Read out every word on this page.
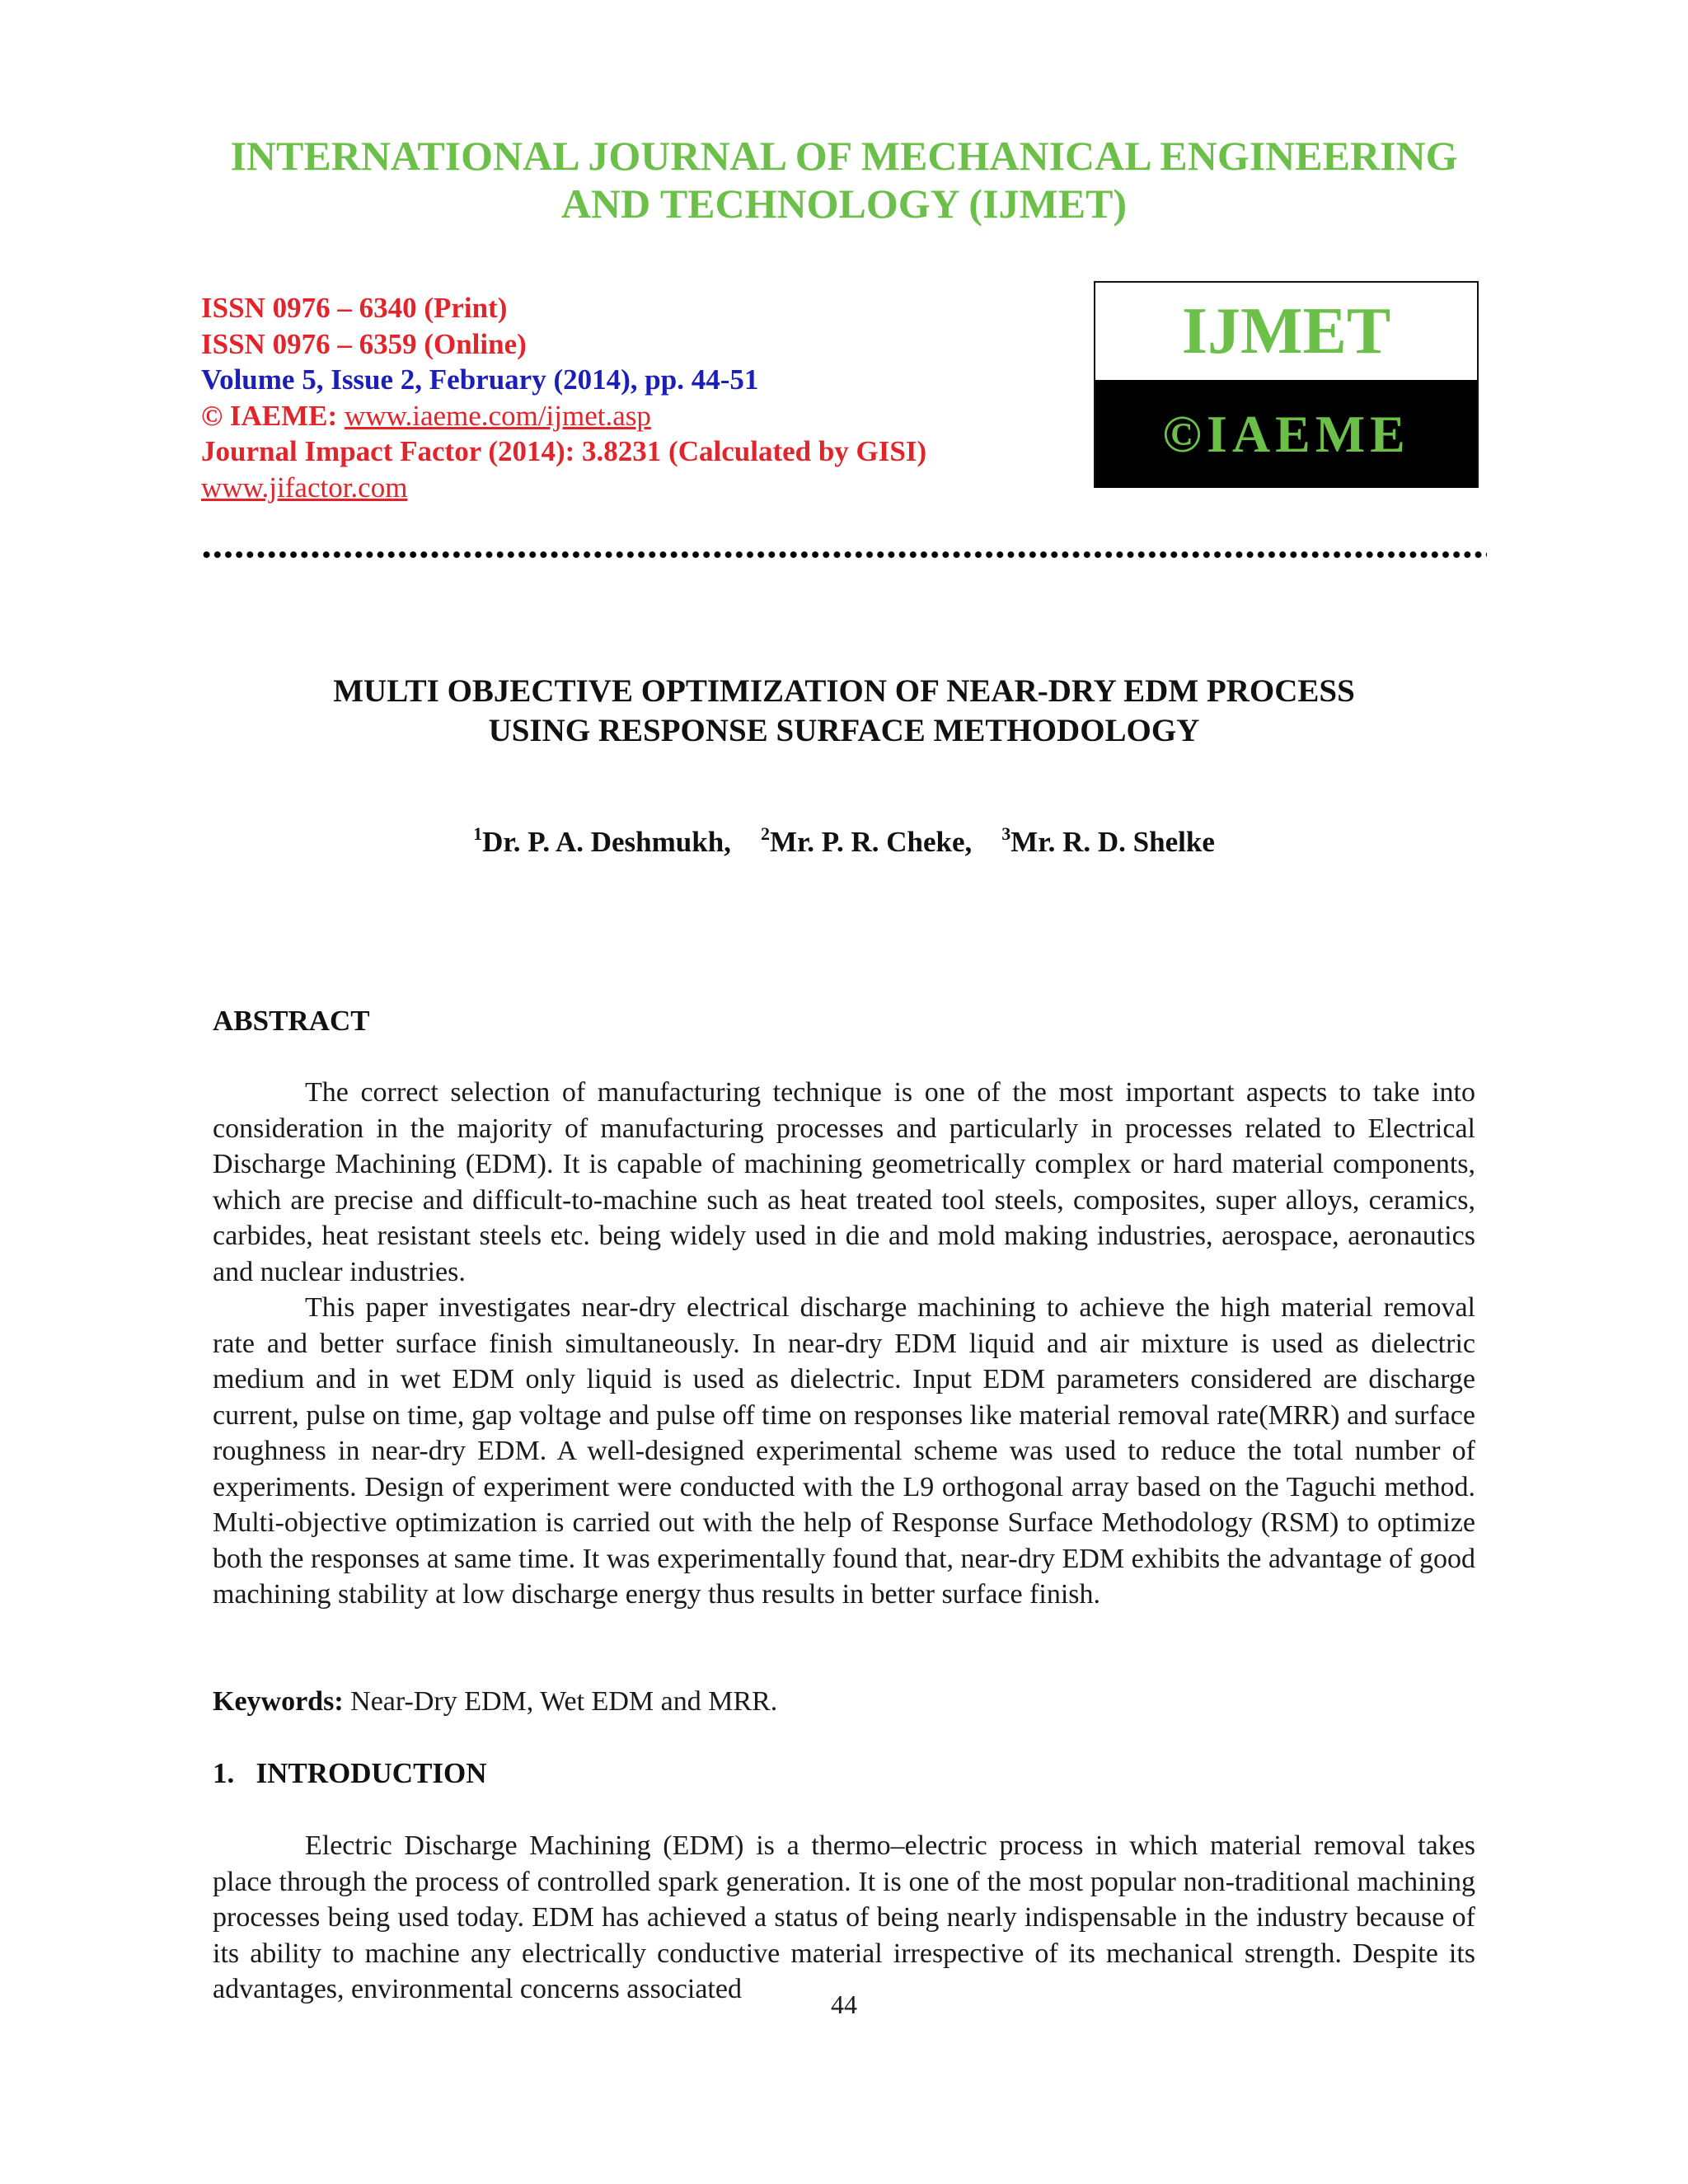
INTERNATIONAL JOURNAL OF MECHANICAL ENGINEERING
AND TECHNOLOGY (IJMET)
ISSN 0976 – 6340 (Print)
ISSN 0976 – 6359 (Online)
Volume 5, Issue 2, February (2014), pp. 44-51
© IAEME: www.iaeme.com/ijmet.asp
Journal Impact Factor (2014): 3.8231 (Calculated by GISI)
www.jifactor.com
IJMET
©IAEME
MULTI OBJECTIVE OPTIMIZATION OF NEAR-DRY EDM PROCESS
USING RESPONSE SURFACE METHODOLOGY
$^1$Dr. P. A. Deshmukh, $^2$Mr. P. R. Cheke, $^3$Mr. R. D. Shelke
ABSTRACT

The correct selection of manufacturing technique is one of the most important aspects to take into consideration in the majority of manufacturing processes and particularly in processes related to Electrical Discharge Machining (EDM). It is capable of machining geometrically complex or hard material components, which are precise and difficult-to-machine such as heat treated tool steels, composites, super alloys, ceramics, carbides, heat resistant steels etc. being widely used in die and mold making industries, aerospace, aeronautics and nuclear industries.

This paper investigates near-dry electrical discharge machining to achieve the high material removal rate and better surface finish simultaneously. In near-dry EDM liquid and air mixture is used as dielectric medium and in wet EDM only liquid is used as dielectric. Input EDM parameters considered are discharge current, pulse on time, gap voltage and pulse off time on responses like material removal rate(MRR) and surface roughness in near-dry EDM. A well-designed experimental scheme was used to reduce the total number of experiments. Design of experiment were conducted with the L9 orthogonal array based on the Taguchi method. Multi-objective optimization is carried out with the help of Response Surface Methodology (RSM) to optimize both the responses at same time. It was experimentally found that, near-dry EDM exhibits the advantage of good machining stability at low discharge energy thus results in better surface finish.

Keywords: Near-Dry EDM, Wet EDM and MRR.
1.   INTRODUCTION

Electric Discharge Machining (EDM) is a thermo–electric process in which material removal takes place through the process of controlled spark generation. It is one of the most popular non-traditional machining processes being used today. EDM has achieved a status of being nearly indispensable in the industry because of its ability to machine any electrically conductive material irrespective of its mechanical strength. Despite its advantages, environmental concerns associated	44
